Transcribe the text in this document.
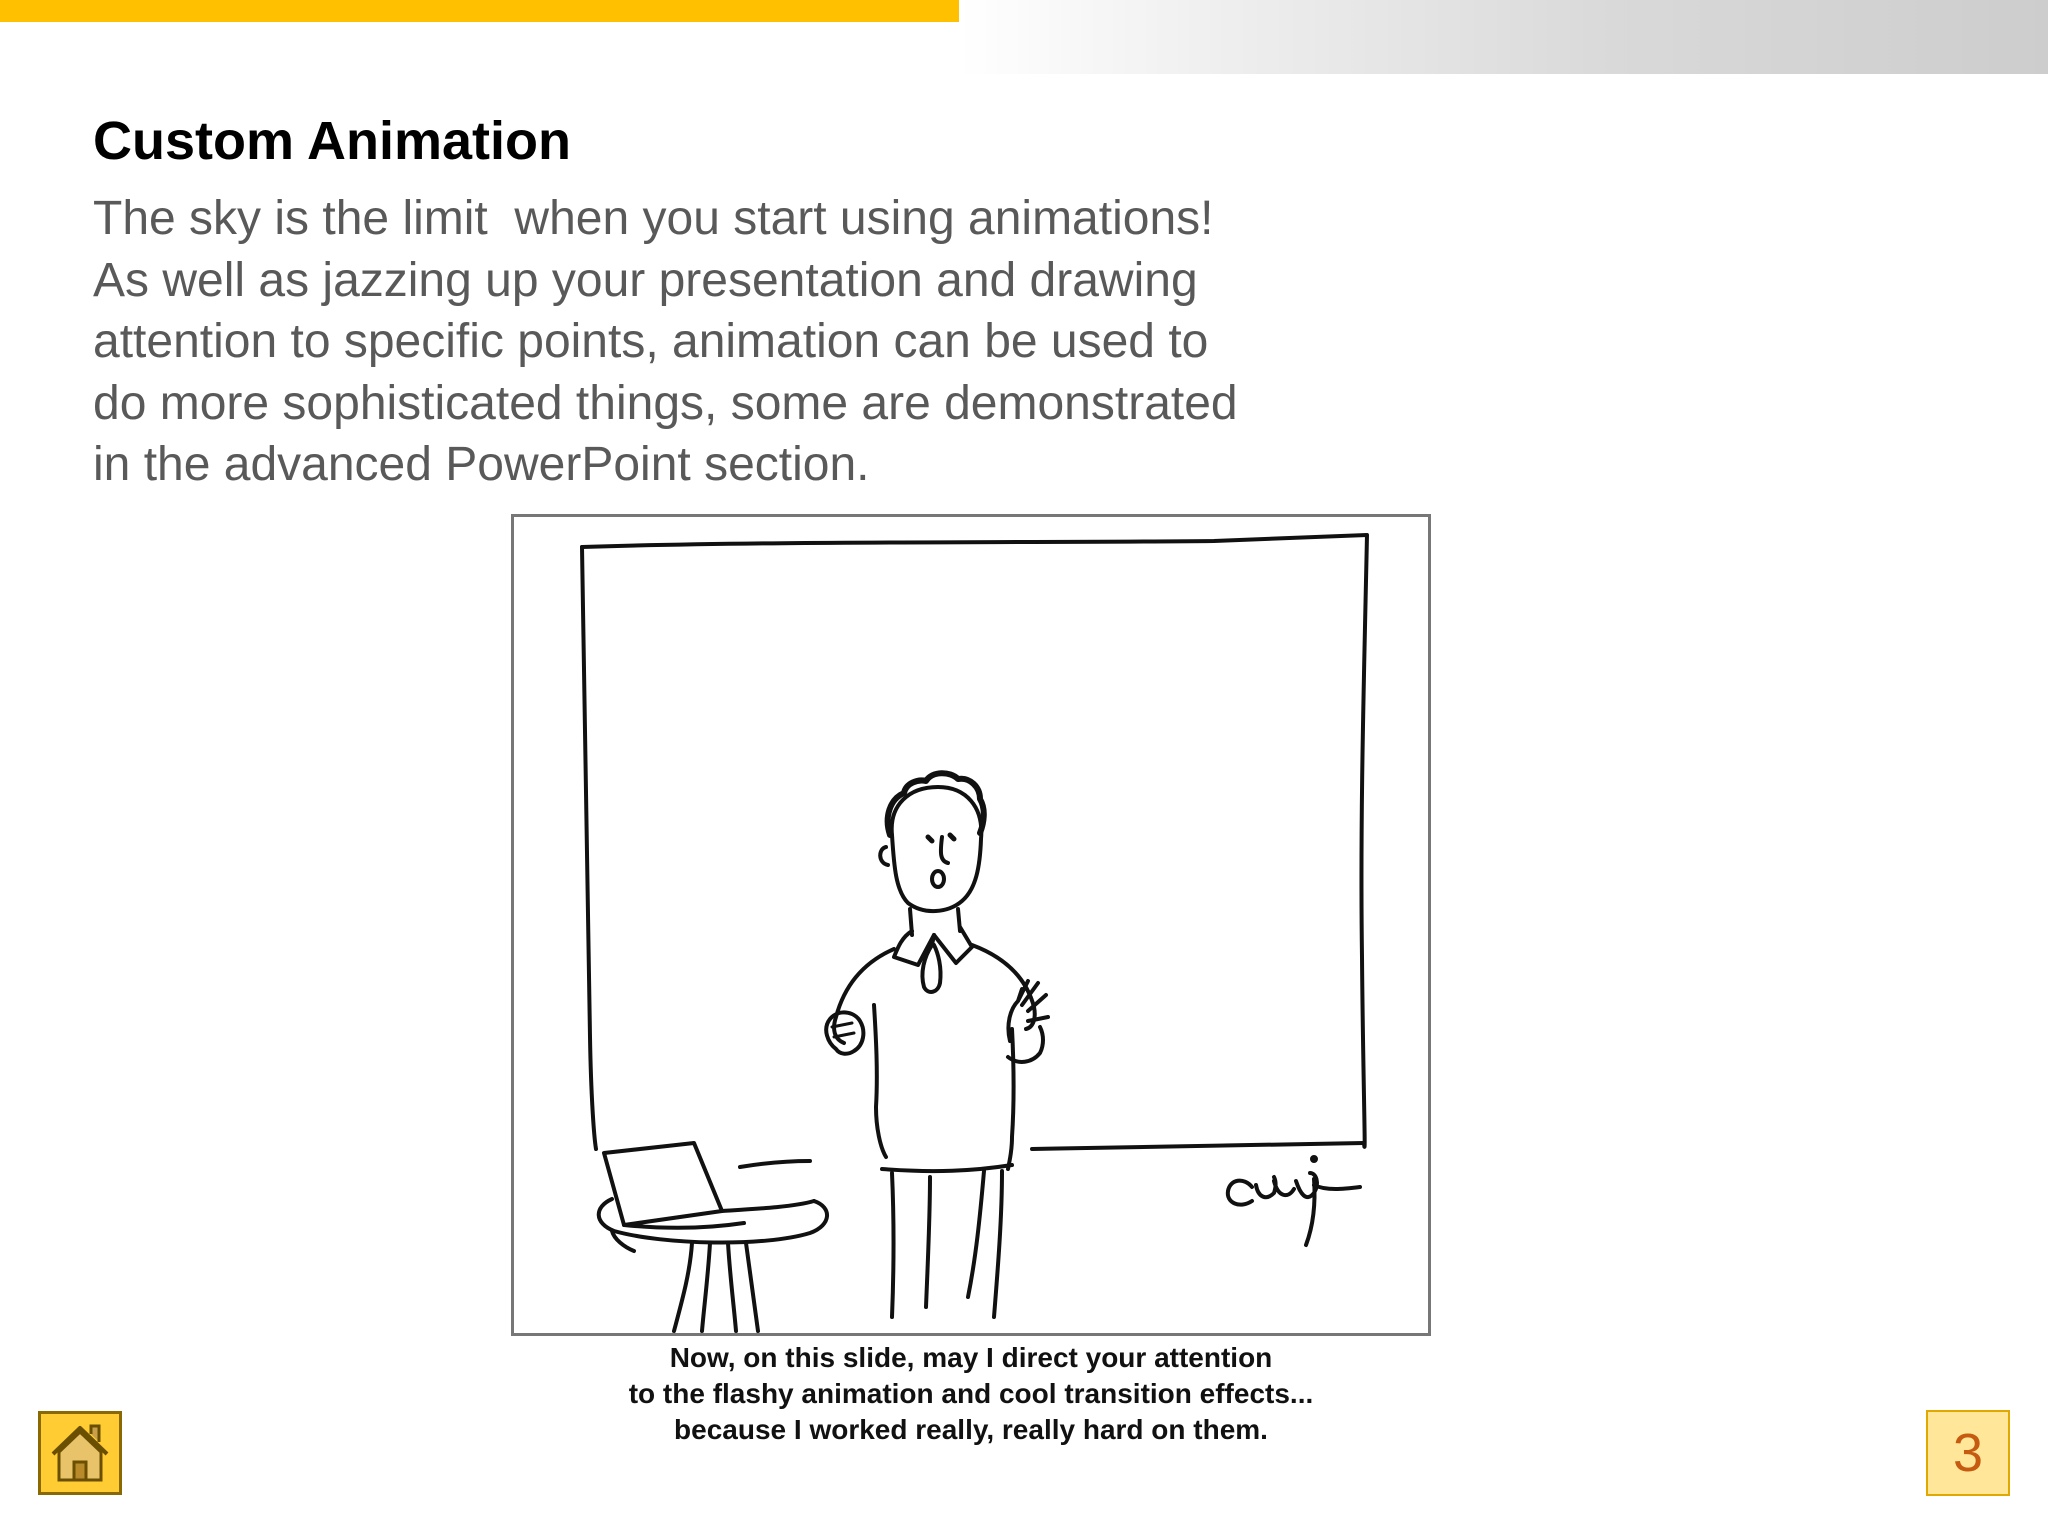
Custom Animation
The sky is the limit  when you start using animations!
As well as jazzing up your presentation and drawing
attention to specific points, animation can be used to
do more sophisticated things, some are demonstrated
in the advanced PowerPoint section.
Now, on this slide, may I direct your attention
to the flashy animation and cool transition effects...
because I worked really, really hard on them.	3
